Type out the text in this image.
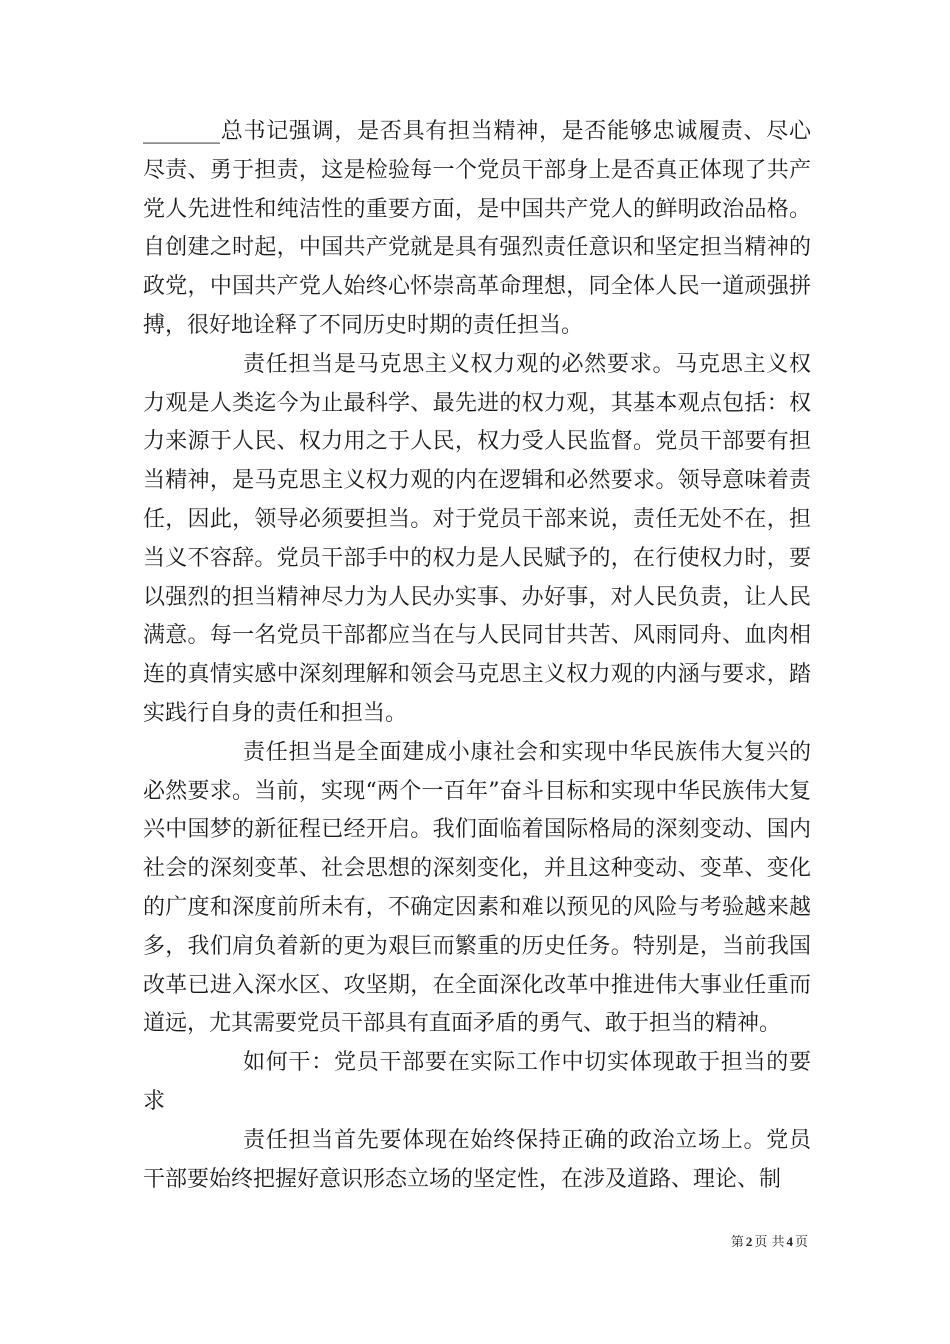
_______总书记强调，是否具有担当精神，是否能够忠诚履责、尽心尽责、勇于担责，这是检验每一个党员干部身上是否真正体现了共产党人先进性和纯洁性的重要方面，是中国共产党人的鲜明政治品格。自创建之时起，中国共产党就是具有强烈责任意识和坚定担当精神的政党，中国共产党人始终心怀崇高革命理想，同全体人民一道顽强拼搏，很好地诠释了不同历史时期的责任担当。

责任担当是马克思主义权力观的必然要求。马克思主义权力观是人类迄今为止最科学、最先进的权力观，其基本观点包括：权力来源于人民、权力用之于人民，权力受人民监督。党员干部要有担当精神，是马克思主义权力观的内在逻辑和必然要求。领导意味着责任，因此，领导必须要担当。对于党员干部来说，责任无处不在，担当义不容辞。党员干部手中的权力是人民赋予的，在行使权力时，要以强烈的担当精神尽力为人民办实事、办好事，对人民负责，让人民满意。每一名党员干部都应当在与人民同甘共苦、风雨同舟、血肉相连的真情实感中深刻理解和领会马克思主义权力观的内涵与要求，踏实践行自身的责任和担当。

责任担当是全面建成小康社会和实现中华民族伟大复兴的必然要求。当前，实现“两个一百年”奋斗目标和实现中华民族伟大复兴中国梦的新征程已经开启。我们面临着国际格局的深刻变动、国内社会的深刻变革、社会思想的深刻变化，并且这种变动、变革、变化的广度和深度前所未有，不确定因素和难以预见的风险与考验越来越多，我们肩负着新的更为艰巨而繁重的历史任务。特别是，当前我国改革已进入深水区、攻坚期，在全面深化改革中推进伟大事业任重而道远，尤其需要党员干部具有直面矛盾的勇气、敢于担当的精神。

如何干：党员干部要在实际工作中切实体现敢于担当的要求

责任担当首先要体现在始终保持正确的政治立场上。党员干部要始终把握好意识形态立场的坚定性，在涉及道路、理论、制

第 2 页 共 4 页
